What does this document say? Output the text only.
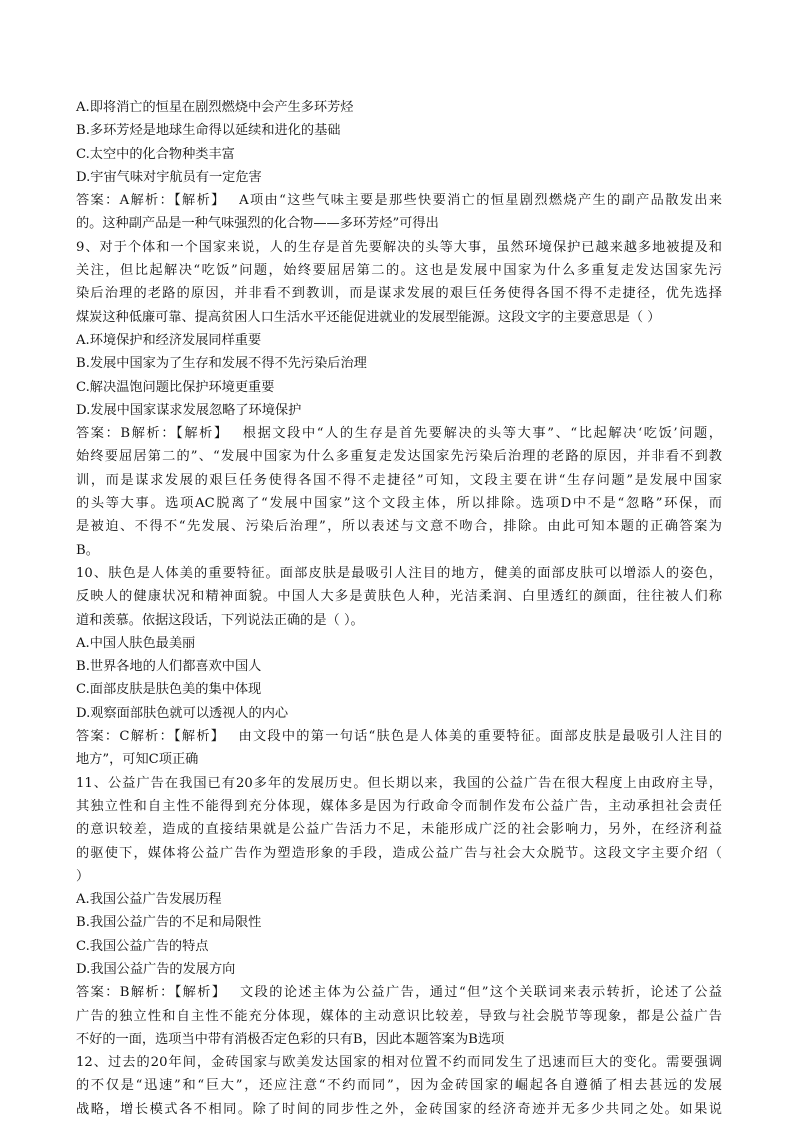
A.即将消亡的恒星在剧烈燃烧中会产生多环芳烃
B.多环芳烃是地球生命得以延续和进化的基础
C.太空中的化合物种类丰富
D.宇宙气味对宇航员有一定危害
答案：A解析：【解析】　 A项由“这些气味主要是那些快要消亡的恒星剧烈燃烧产生的副产品散发出来
的。这种副产品是一种气味强烈的化合物——多环芳烃”可得出
9、对于个体和一个国家来说，人的生存是首先要解决的头等大事，虽然环境保护已越来越多地被提及和
关注，但比起解决“吃饭”问题，始终要屈居第二的。这也是发展中国家为什么多重复走发达国家先污
染后治理的老路的原因，并非看不到教训，而是谋求发展的艰巨任务使得各国不得不走捷径，优先选择
煤炭这种低廉可靠、提高贫困人口生活水平还能促进就业的发展型能源。这段文字的主要意思是（ ）
A.环境保护和经济发展同样重要
B.发展中国家为了生存和发展不得不先污染后治理
C.解决温饱问题比保护环境更重要
D.发展中国家谋求发展忽略了环境保护
答案：B解析：【解析】　 根据文段中“人的生存是首先要解决的头等大事”、“比起解决‘吃饭’问题，
始终要屈居第二的”、“发展中国家为什么多重复走发达国家先污染后治理的老路的原因，并非看不到教
训，而是谋求发展的艰巨任务使得各国不得不走捷径”可知，文段主要在讲“生存问题”是发展中国家
的头等大事。选项AC脱离了“发展中国家”这个文段主体，所以排除。选项D中不是“忽略”环保，而
是被迫、不得不“先发展、污染后治理”，所以表述与文意不吻合，排除。由此可知本题的正确答案为
B。
10、肤色是人体美的重要特征。面部皮肤是最吸引人注目的地方，健美的面部皮肤可以增添人的姿色，
反映人的健康状况和精神面貌。中国人大多是黄肤色人种，光洁柔润、白里透红的颜面，往往被人们称
道和羡慕。依据这段话，下列说法正确的是（ ）。
A.中国人肤色最美丽
B.世界各地的人们都喜欢中国人
C.面部皮肤是肤色美的集中体现
D.观察面部肤色就可以透视人的内心
答案：C解析：【解析】　 由文段中的第一句话“肤色是人体美的重要特征。面部皮肤是最吸引人注目的
地方”，可知C项正确
11、公益广告在我国已有20多年的发展历史。但长期以来，我国的公益广告在很大程度上由政府主导，
其独立性和自主性不能得到充分体现，媒体多是因为行政命令而制作发布公益广告，主动承担社会责任
的意识较差，造成的直接结果就是公益广告活力不足，未能形成广泛的社会影响力，另外，在经济利益
的驱使下，媒体将公益广告作为塑造形象的手段，造成公益广告与社会大众脱节。这段文字主要介绍（
）
A.我国公益广告发展历程
B.我国公益广告的不足和局限性
C.我国公益广告的特点
D.我国公益广告的发展方向
答案：B解析：【解析】　 文段的论述主体为公益广告，通过“但”这个关联词来表示转折，论述了公益
广告的独立性和自主性不能充分体现，媒体的主动意识比较差，导致与社会脱节等现象，都是公益广告
不好的一面，选项当中带有消极否定色彩的只有B，因此本题答案为B选项
12、过去的20年间，金砖国家与欧美发达国家的相对位置不约而同发生了迅速而巨大的变化。需要强调
的不仅是“迅速”和“巨大”，还应注意“不约而同”，因为金砖国家的崛起各自遵循了相去甚远的发展
战略，增长模式各不相同。除了时间的同步性之外，金砖国家的经济奇迹并无多少共同之处。如果说
